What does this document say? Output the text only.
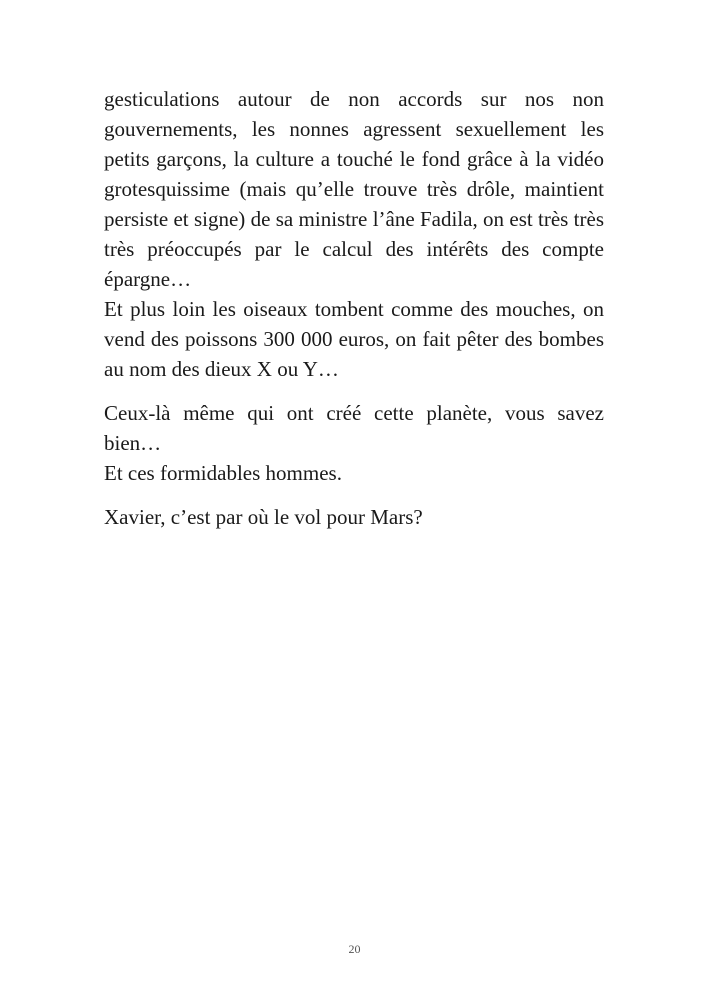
gesticulations autour de non accords sur nos non gouvernements, les nonnes agressent sexuellement les petits garçons, la culture a touché le fond grâce à la vidéo grotesquissime (mais qu’elle trouve très drôle, maintient persiste et signe) de sa ministre l’âne Fadila, on est très très très préoccupés par le calcul des intérêts des compte épargne…

Et plus loin les oiseaux tombent comme des mouches, on vend des poissons 300 000 euros, on fait pêter des bombes au nom des dieux X ou Y…

Ceux-là même qui ont créé cette planète, vous savez bien…

Et ces formidables hommes.

Xavier, c’est par où le vol pour Mars?

20
